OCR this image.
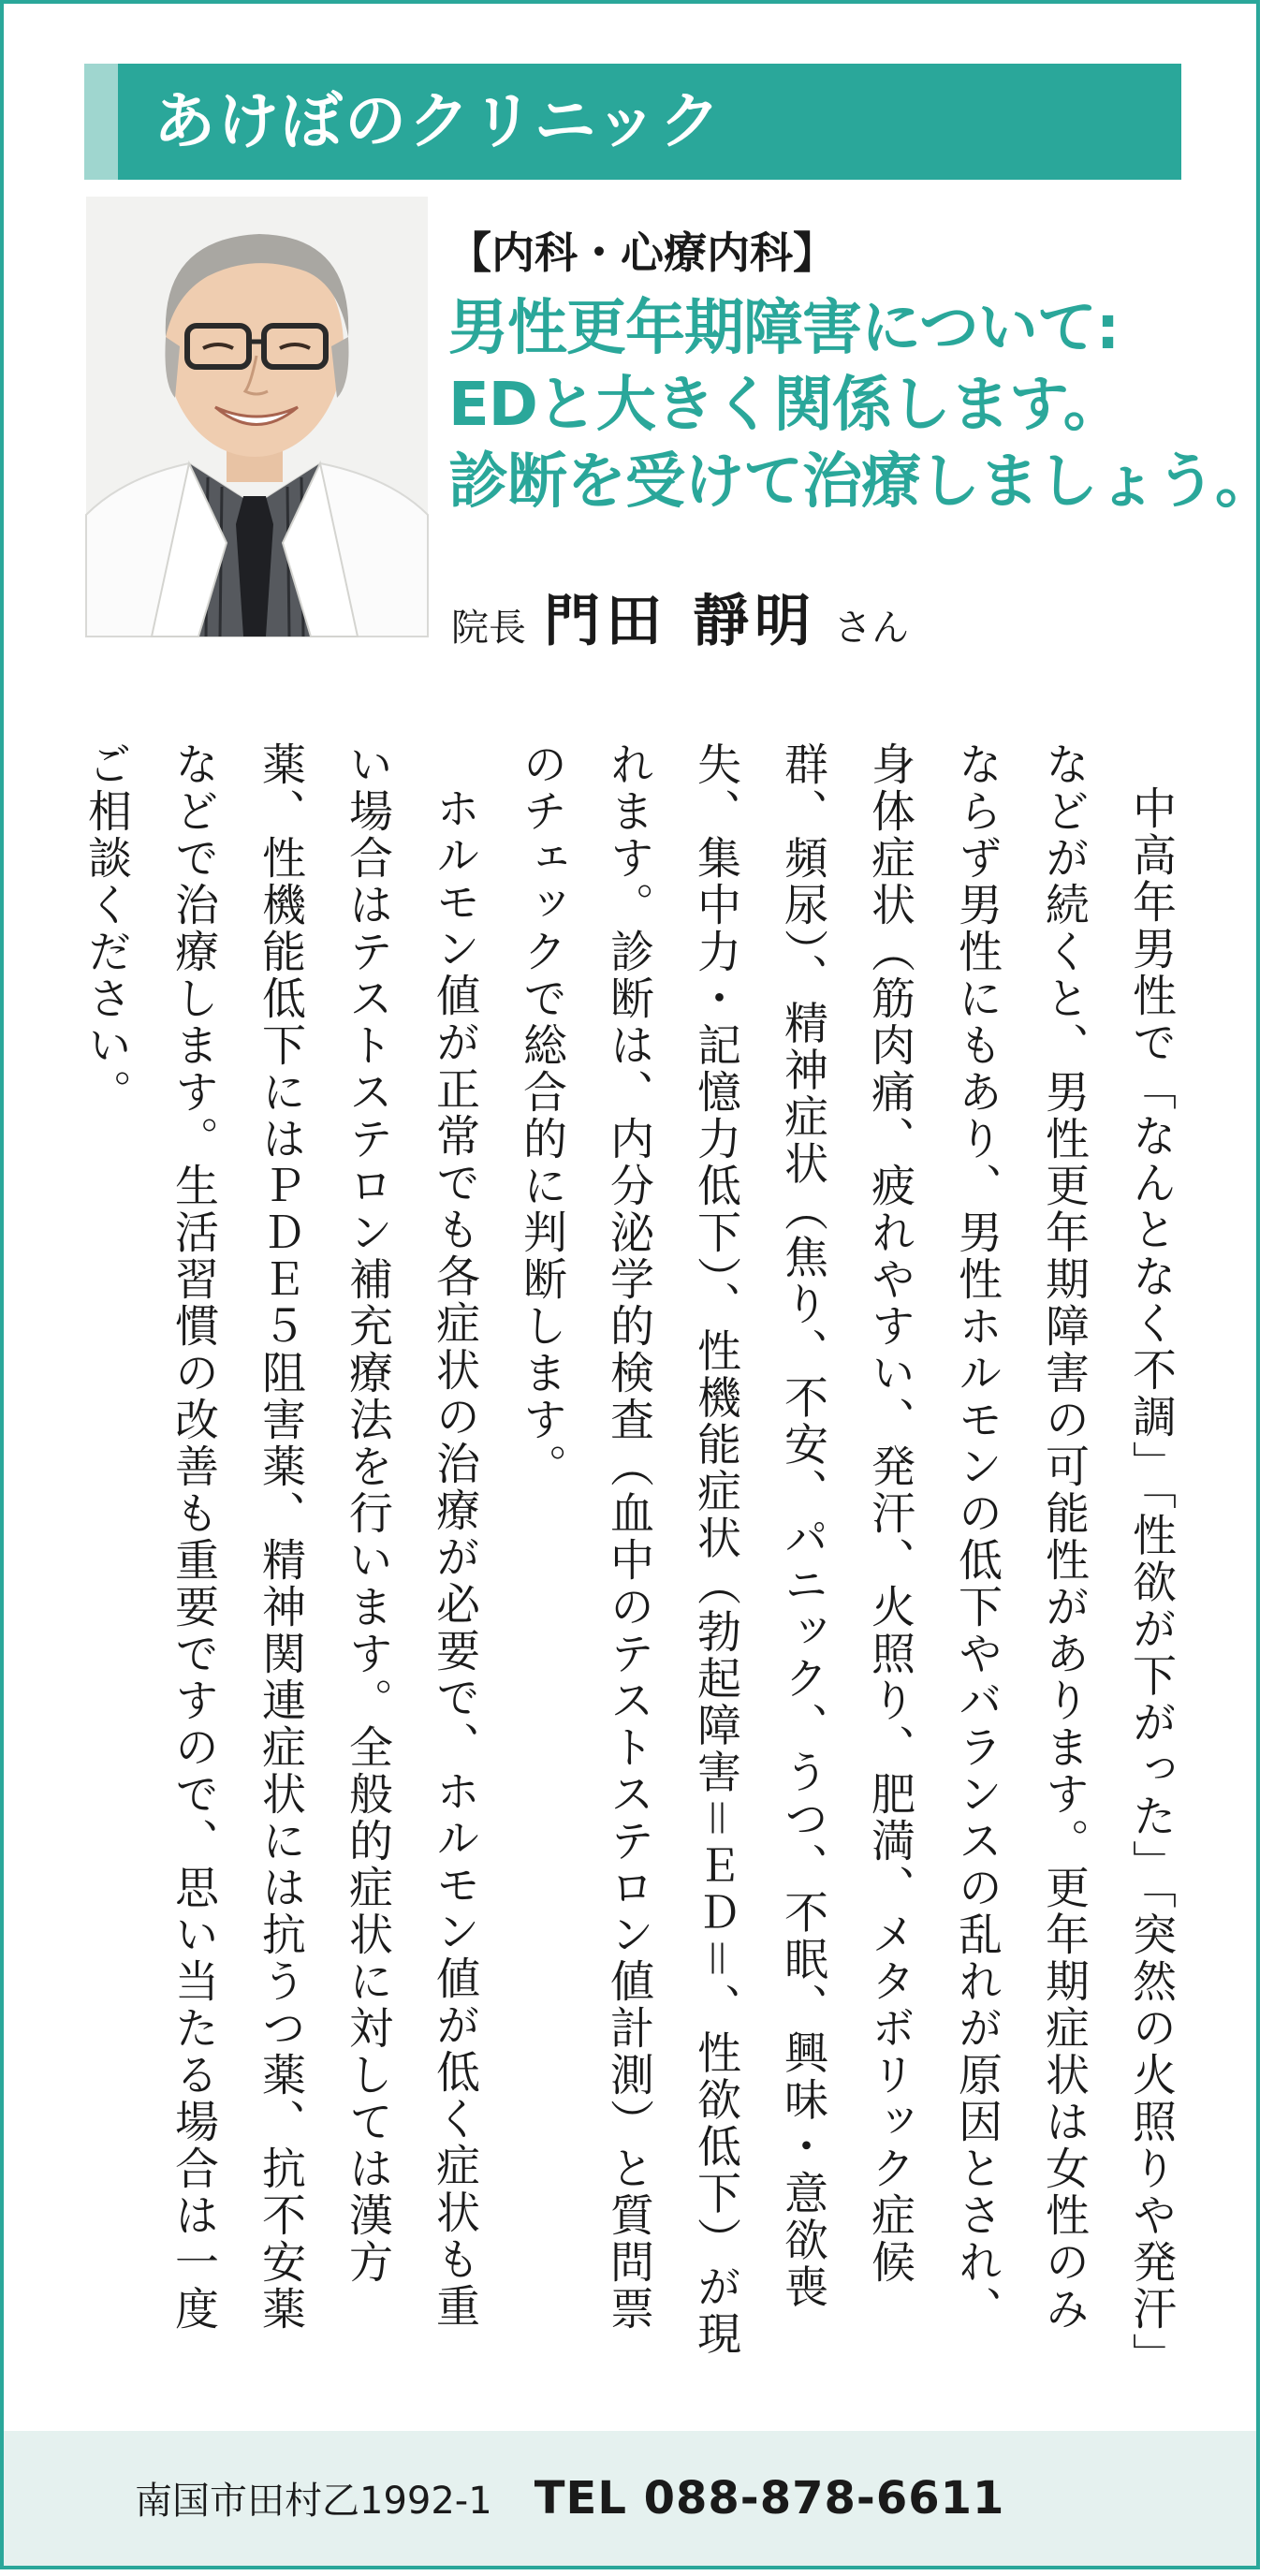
あけぼのクリニック
【内科・心療内科】
男性更年期障害について:
EDと大きく関係します。
診断を受けて治療しましょう。
院長 門田 靜明 さん

中高年男性で「なんとなく不調」「性欲が下がった」「突然の火照りや発汗」などが続くと、男性更年期障害の可能性があります。更年期症状は女性のみならず男性にもあり、男性ホルモンの低下やバランスの乱れが原因とされ、身体症状（筋肉痛、疲れやすい、発汗、火照り、肥満、メタボリック症候群、頻尿）、精神症状（焦り、不安、パニック、うつ、不眠、興味・意欲喪失、集中力・記憶力低下）、性機能症状（勃起障害＝ＥＤ＝、性欲低下）が現れます。診断は、内分泌学的検査（血中のテストステロン値計測）と質問票のチェックで総合的に判断します。

ホルモン値が正常でも各症状の治療が必要で、ホルモン値が低く症状も重い場合はテストステロン補充療法を行います。全般的症状に対しては漢方薬、性機能低下にはＰＤＥ５阻害薬、精神関連症状には抗うつ薬、抗不安薬などで治療します。生活習慣の改善も重要ですので、思い当たる場合は一度ご相談ください。

南国市田村乙1992-1 TEL 088-878-6611
